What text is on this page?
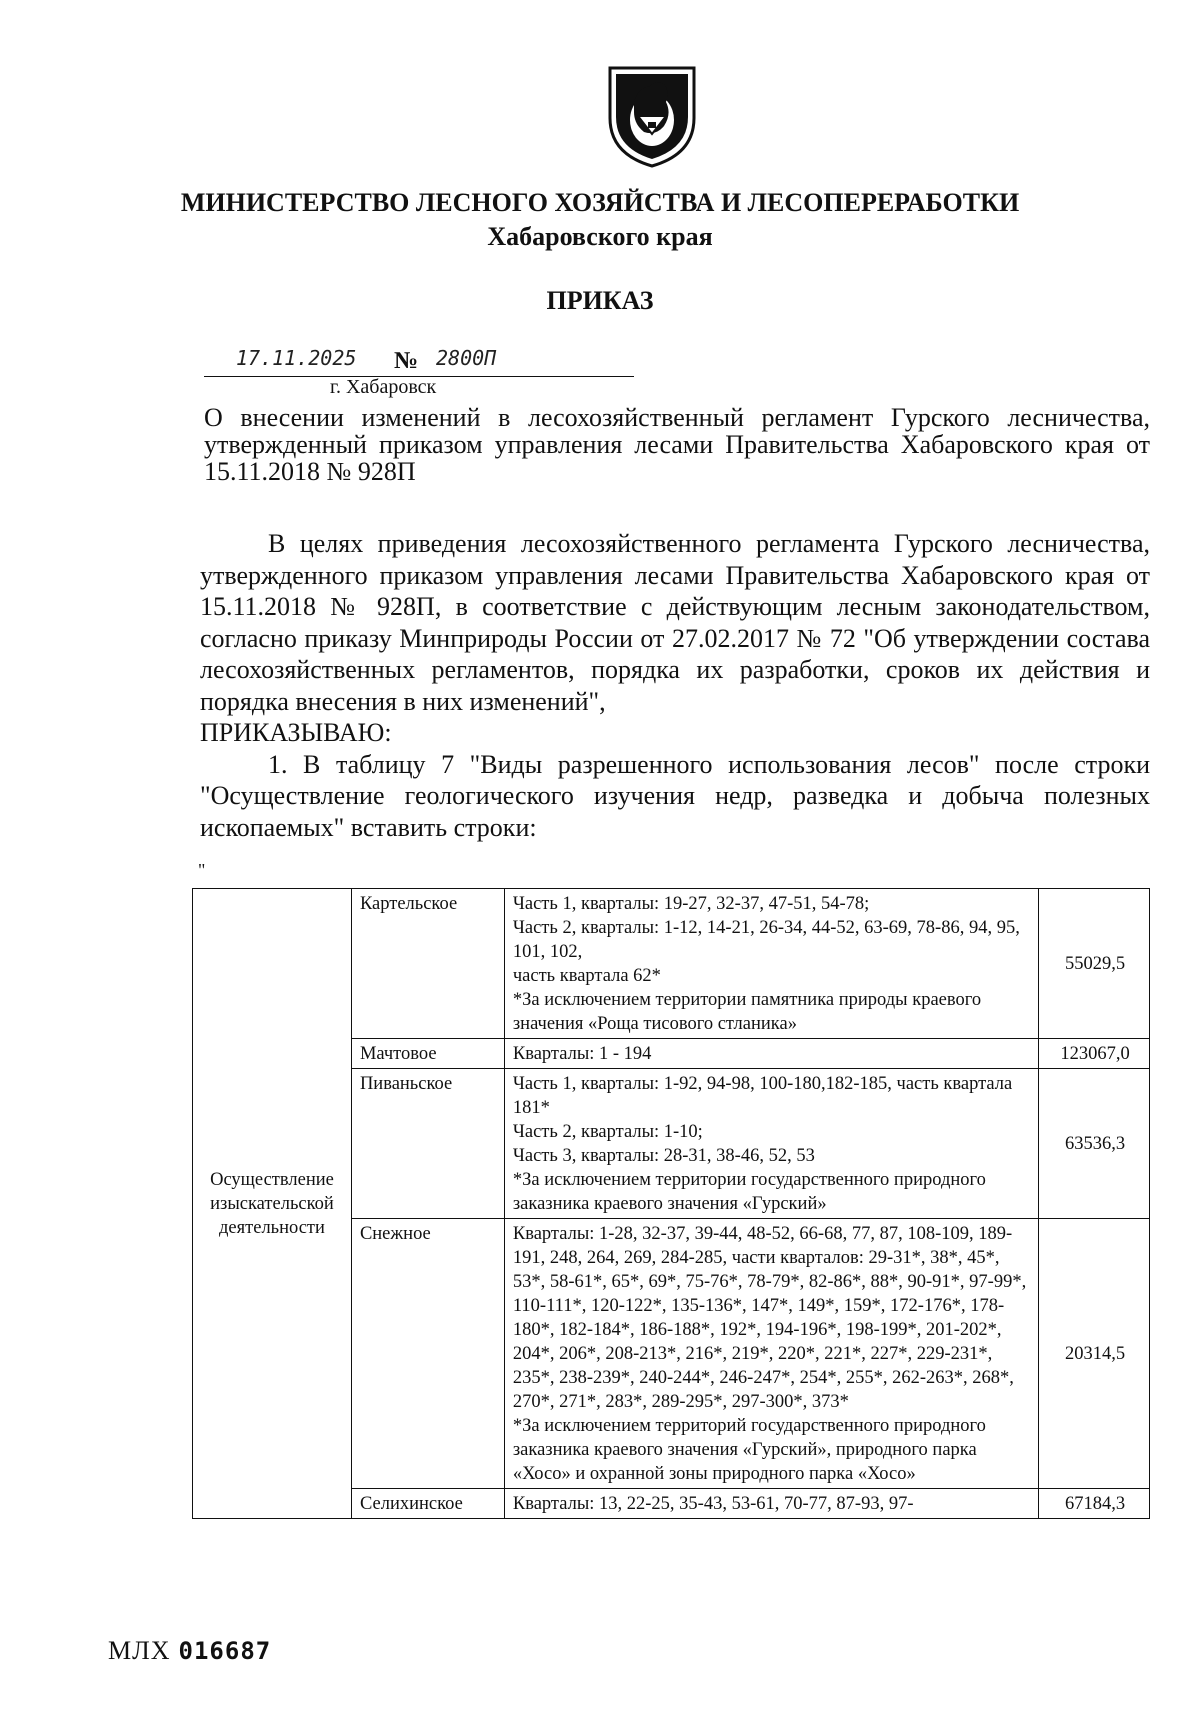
МИНИСТЕРСТВО ЛЕСНОГО ХОЗЯЙСТВА И ЛЕСОПЕРЕРАБОТКИ
Хабаровского края
ПРИКАЗ
17.11.2025 № 2800П
г. Хабаровск
О внесении изменений в лесохозяйственный регламент Гурского лесничества, утвержденный приказом управления лесами Правительства Хабаровского края от 15.11.2018 № 928П

В целях приведения лесохозяйственного регламента Гурского лесничества, утвержденного приказом управления лесами Правительства Хабаровского края от 15.11.2018 № 928П, в соответствие с действующим лесным законодательством, согласно приказу Минприроды России от 27.02.2017 № 72 "Об утверждении состава лесохозяйственных регламентов, порядка их разработки, сроков их действия и порядка внесения в них изменений",

ПРИКАЗЫВАЮ:

1. В таблицу 7 "Виды разрешенного использования лесов" после строки "Осуществление геологического изучения недр, разведка и добыча полезных ископаемых" вставить строки:

"
Осуществление изыскательской деятельности	Картельское	Часть 1, кварталы: 19-27, 32-37, 47-51, 54-78;
Часть 2, кварталы: 1-12, 14-21, 26-34, 44-52, 63-69, 78-86, 94, 95, 101, 102,
часть квартала 62*
*За исключением территории памятника природы краевого значения «Роща тисового стланика»	55029,5
	Мачтовое	Кварталы: 1 - 194	123067,0
	Пиваньское	Часть 1, кварталы: 1-92, 94-98, 100-180,182-185, часть квартала 181*
Часть 2, кварталы: 1-10;
Часть 3, кварталы: 28-31, 38-46, 52, 53
*За исключением территории государственного природного заказника краевого значения «Гурский»	63536,3
	Снежное	Кварталы: 1-28, 32-37, 39-44, 48-52, 66-68, 77, 87, 108-109, 189-191, 248, 264, 269, 284-285, части кварталов: 29-31*, 38*, 45*, 53*, 58-61*, 65*, 69*, 75-76*, 78-79*, 82-86*, 88*, 90-91*, 97-99*, 110-111*, 120-122*, 135-136*, 147*, 149*, 159*, 172-176*, 178-180*, 182-184*, 186-188*, 192*, 194-196*, 198-199*, 201-202*, 204*, 206*, 208-213*, 216*, 219*, 220*, 221*, 227*, 229-231*, 235*, 238-239*, 240-244*, 246-247*, 254*, 255*, 262-263*, 268*, 270*, 271*, 283*, 289-295*, 297-300*, 373*
*За исключением территорий государственного природного заказника краевого значения «Гурский», природного парка «Хосо» и охранной зоны природного парка «Хосо»	20314,5
	Селихинское	Кварталы: 13, 22-25, 35-43, 53-61, 70-77, 87-93, 97-	67184,3
МЛХ 016687
